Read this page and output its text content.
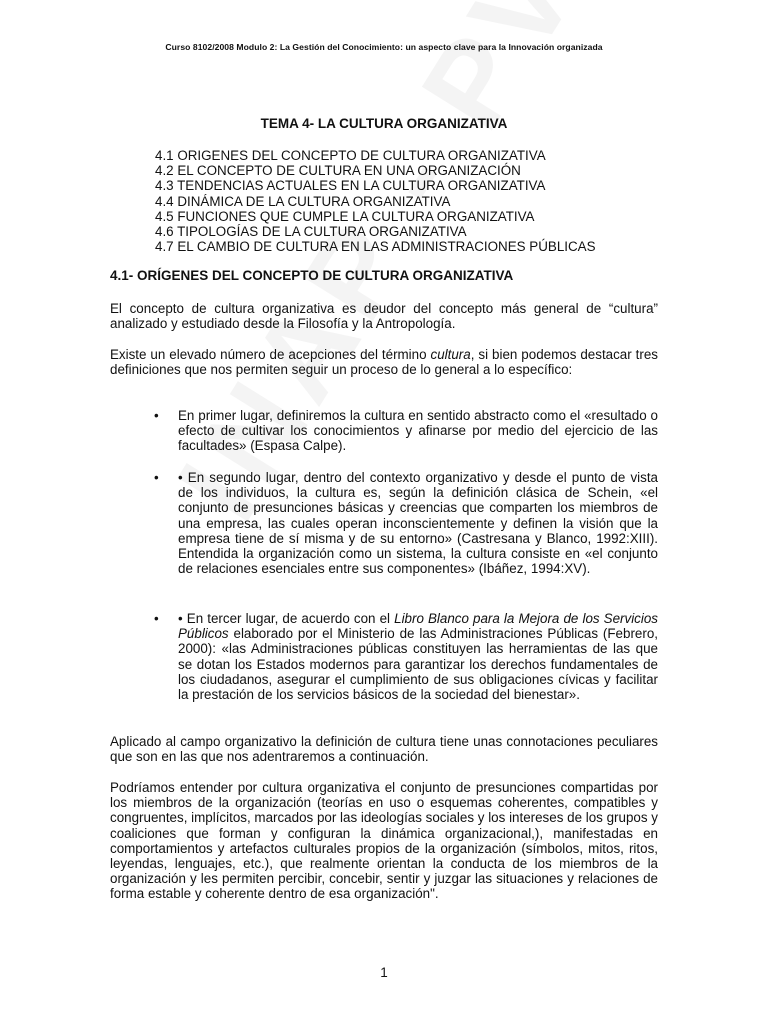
Curso 8102/2008 Modulo 2: La Gestión del Conocimiento: un aspecto clave para la Innovación organizada
TEMA 4- LA CULTURA ORGANIZATIVA
4.1 ORIGENES DEL CONCEPTO DE CULTURA ORGANIZATIVA
4.2 EL CONCEPTO DE CULTURA EN UNA ORGANIZACIÓN
4.3 TENDENCIAS ACTUALES EN LA CULTURA ORGANIZATIVA
4.4 DINÁMICA DE LA CULTURA ORGANIZATIVA
4.5 FUNCIONES QUE CUMPLE LA CULTURA ORGANIZATIVA
4.6 TIPOLOGÍAS DE LA CULTURA ORGANIZATIVA
4.7 EL CAMBIO DE CULTURA EN LAS ADMINISTRACIONES PÚBLICAS
4.1- ORÍGENES DEL CONCEPTO DE CULTURA ORGANIZATIVA

El concepto de cultura organizativa es deudor del concepto más general de “cultura” analizado y estudiado desde la Filosofía y la Antropología.

Existe un elevado número de acepciones del término cultura, si bien podemos destacar tres definiciones que nos permiten seguir un proceso de lo general a lo específico:

• En primer lugar, definiremos la cultura en sentido abstracto como el «resultado o efecto de cultivar los conocimientos y afinarse por medio del ejercicio de las facultades» (Espasa Calpe).
• • En segundo lugar, dentro del contexto organizativo y desde el punto de vista de los individuos, la cultura es, según la definición clásica de Schein, «el conjunto de presunciones básicas y creencias que comparten los miembros de una empresa, las cuales operan inconscientemente y definen la visión que la empresa tiene de sí misma y de su entorno» (Castresana y Blanco, 1992:XIII). Entendida la organización como un sistema, la cultura consiste en «el conjunto de relaciones esenciales entre sus componentes» (Ibáñez, 1994:XV).
• • En tercer lugar, de acuerdo con el Libro Blanco para la Mejora de los Servicios Públicos elaborado por el Ministerio de las Administraciones Públicas (Febrero, 2000): «las Administraciones públicas constituyen las herramientas de las que se dotan los Estados modernos para garantizar los derechos fundamentales de los ciudadanos, asegurar el cumplimiento de sus obligaciones cívicas y facilitar la prestación de los servicios básicos de la sociedad del bienestar».

Aplicado al campo organizativo la definición de cultura tiene unas connotaciones peculiares que son en las que nos adentraremos a continuación.

Podríamos entender por cultura organizativa el conjunto de presunciones compartidas por los miembros de la organización (teorías en uso o esquemas coherentes, compatibles y congruentes, implícitos, marcados por las ideologías sociales y los intereses de los grupos y coaliciones que forman y configuran la dinámica organizacional,), manifestadas en comportamientos y artefactos culturales propios de la organización (símbolos, mitos, ritos, leyendas, lenguajes, etc.), que realmente orientan la conducta de los miembros de la organización y les permiten percibir, concebir, sentir y juzgar las situaciones y relaciones de forma estable y coherente dentro de esa organización".

1
